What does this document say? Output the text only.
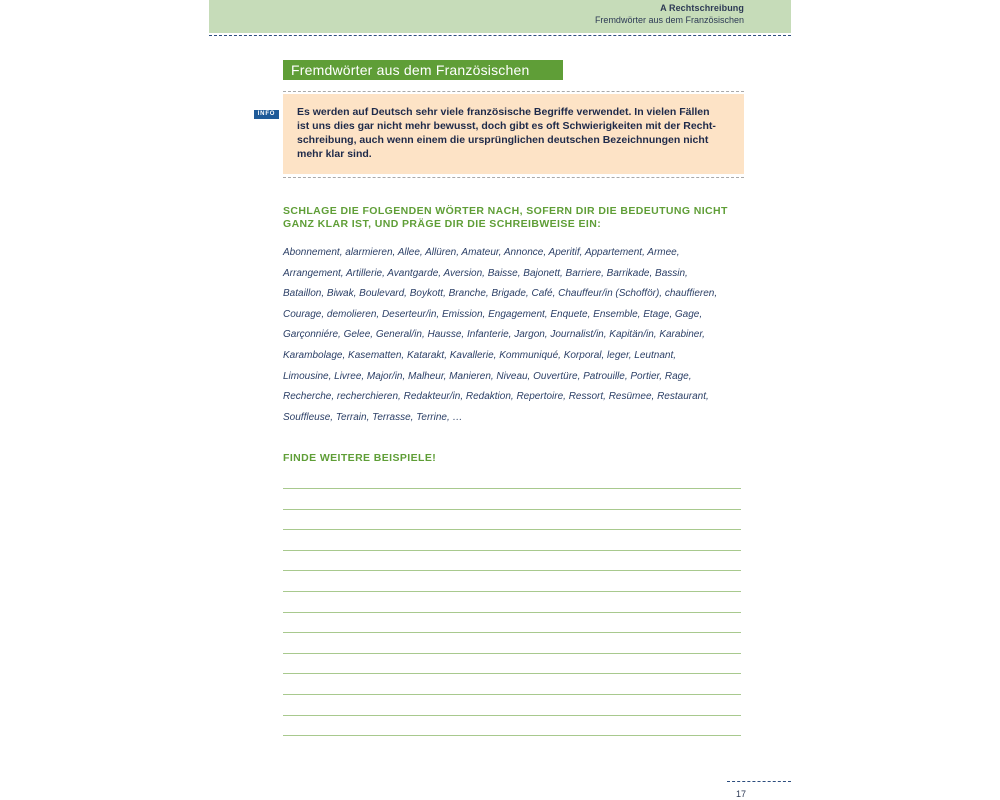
A Rechtschreibung
Fremdwörter aus dem Französischen
Fremdwörter aus dem Französischen
INFO	Es werden auf Deutsch sehr viele französische Begriffe verwendet. In vielen Fällen
ist uns dies gar nicht mehr bewusst, doch gibt es oft Schwierigkeiten mit der Recht-
schreibung, auch wenn einem die ursprünglichen deutschen Bezeichnungen nicht
mehr klar sind.

SCHLAGE DIE FOLGENDEN WÖRTER NACH, SOFERN DIR DIE BEDEUTUNG NICHT
GANZ KLAR IST, UND PRÄGE DIR DIE SCHREIBWEISE EIN:

Abonnement, alarmieren, Allee, Allüren, Amateur, Annonce, Aperitif, Appartement, Armee,
Arrangement, Artillerie, Avantgarde, Aversion, Baisse, Bajonett, Barriere, Barrikade, Bassin,
Bataillon, Biwak, Boulevard, Boykott, Branche, Brigade, Café, Chauffeur/in (Schofför), chauffieren,
Courage, demolieren, Deserteur/in, Emission, Engagement, Enquete, Ensemble, Etage, Gage,
Garçonniére, Gelee, General/in, Hausse, Infanterie, Jargon, Journalist/in, Kapitän/in, Karabiner,
Karambolage, Kasematten, Katarakt, Kavallerie, Kommuniqué, Korporal, leger, Leutnant,
Limousine, Livree, Major/in, Malheur, Manieren, Niveau, Ouvertüre, Patrouille, Portier, Rage,
Recherche, recherchieren, Redakteur/in, Redaktion, Repertoire, Ressort, Resümee, Restaurant,
Souffleuse, Terrain, Terrasse, Terrine, …

FINDE WEITERE BEISPIELE!

17
